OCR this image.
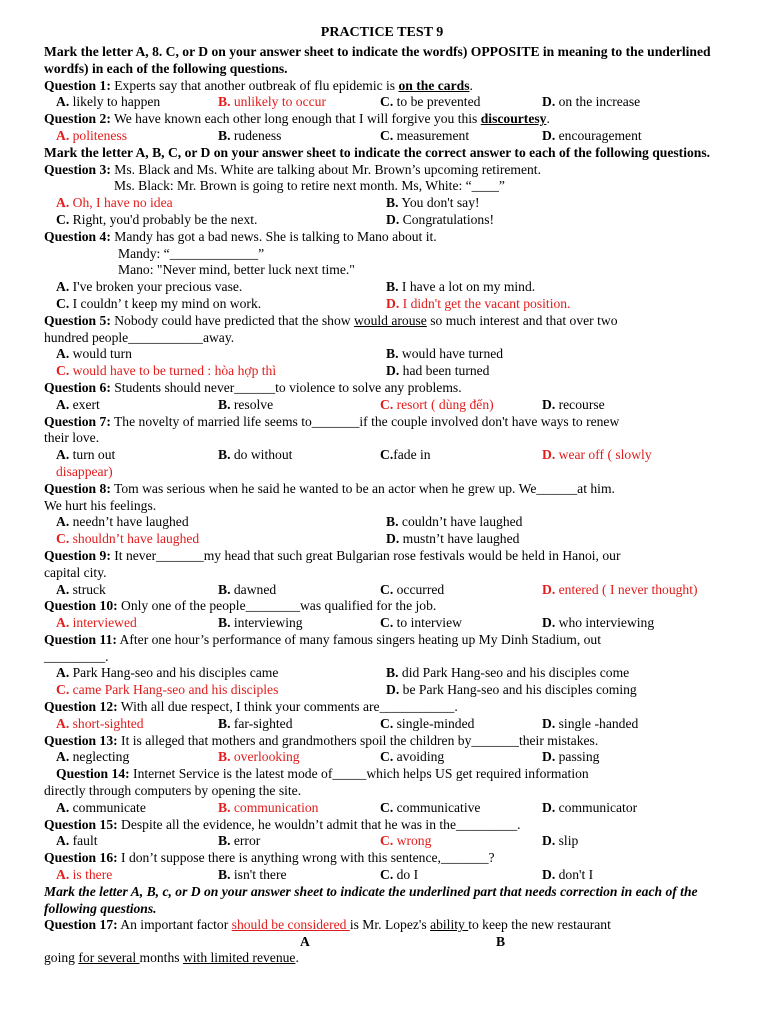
PRACTICE TEST 9
Mark the letter A, 8. C, or D on your answer sheet to indicate the wordfs) OPPOSITE in meaning to the underlined wordfs) in each of the following questions.
Question 1: Experts say that another outbreak of flu epidemic is on the cards.
A. likely to happen	B. unlikely to occur	C. to be prevented	D. on the increase
Question 2: We have known each other long enough that I will forgive you this discourtesy.
A. politeness	B. rudeness	C. measurement	D. encouragement
Mark the letter A, B, C, or D on your answer sheet to indicate the correct answer to each of the following questions.
Question 3: Ms. Black and Ms. White are talking about Mr. Brown’s upcoming retirement.
Ms. Black: Mr. Brown is going to retire next month. Ms, White: “____”
A. Oh, I have no idea	B. You don't say!
C. Right, you'd probably be the next.	D. Congratulations!
Question 4: Mandy has got a bad news. She is talking to Mano about it.
Mandy: “_____________”
Mano: "Never mind, better luck next time."
A. I've broken your precious vase.	B. I have a lot on my mind.
C. I couldn’ t keep my mind on work.	D. I didn't get the vacant position.
Question 5: Nobody could have predicted that the show would arouse so much interest and that over two
hundred people___________away.
A. would turn	B. would have turned
C. would have to be turned : hòa hợp thì	D. had been turned
Question 6: Students should never______to violence to solve any problems.
A. exert	B. resolve	C. resort ( dùng đến)	D. recourse
Question 7: The novelty of married life seems to_______if the couple involved don't have ways to renew
their love.
A. turn out	B. do without	C.fade in	D. wear off ( slowly
disappear)
Question 8: Tom was serious when he said he wanted to be an actor when he grew up. We______at him.
We hurt his feelings.
A. needn’t have laughed	B. couldn’t have laughed
C. shouldn’t have laughed	D. mustn’t have laughed
Question 9: It never_______my head that such great Bulgarian rose festivals would be held in Hanoi, our
capital city.
A. struck	B. dawned	C. occurred	D. entered ( I never thought)
Question 10: Only one of the people________was qualified for the job.
A. interviewed	B. interviewing	C. to interview	D. who interviewing
Question 11: After one hour’s performance of many famous singers heating up My Dinh Stadium, out
_________.
A. Park Hang-seo and his disciples came	B. did Park Hang-seo and his disciples come
C. came Park Hang-seo and his disciples	D. be Park Hang-seo and his disciples coming
Question 12: With all due respect, I think your comments are___________.
A. short-sighted	B. far-sighted	C. single-minded	D. single -handed
Question 13: It is alleged that mothers and grandmothers spoil the children by_______their mistakes.
A. neglecting	B. overlooking	C. avoiding	D. passing
Question 14: Internet Service is the latest mode of_____which helps US get required information
directly through computers by opening the site.
A. communicate	B. communication	C. communicative	D. communicator
Question 15: Despite all the evidence, he wouldn’t admit that he was in the_________.
A. fault	B. error	C. wrong	D. slip
Question 16: I don’t suppose there is anything wrong with this sentence,_______?
A. is there	B. isn't there	C. do I	D. don't I
Mark the letter A, B, c, or D on your answer sheet to indicate the underlined part that needs correction in each of the following questions.
Question 17: An important factor should be considered is Mr. Lopez's ability to keep the new restaurant
A	B
going for several months with limited revenue.
